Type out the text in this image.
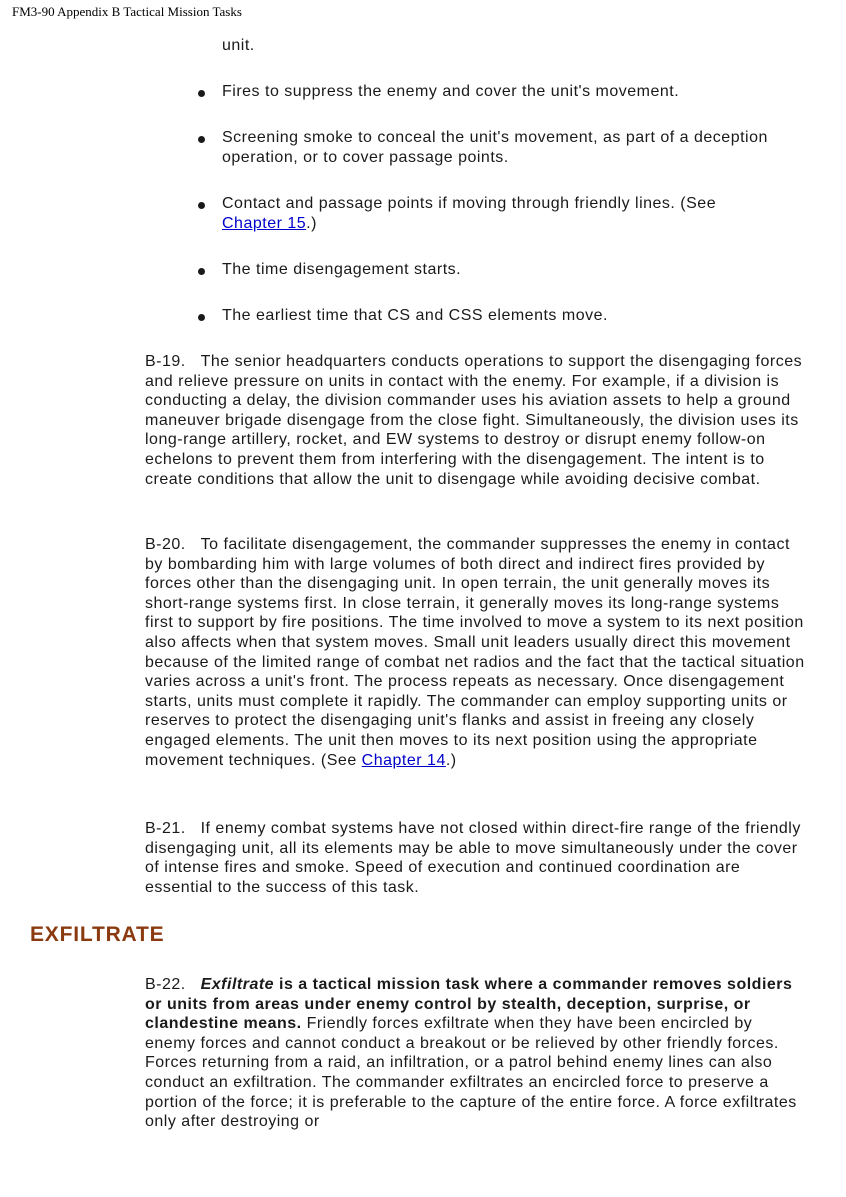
FM3-90 Appendix B Tactical Mission Tasks
unit.
Fires to suppress the enemy and cover the unit's movement.
Screening smoke to conceal the unit's movement, as part of a deception operation, or to cover passage points.
Contact and passage points if moving through friendly lines. (See Chapter 15.)
The time disengagement starts.
The earliest time that CS and CSS elements move.

B-19. The senior headquarters conducts operations to support the disengaging forces and relieve pressure on units in contact with the enemy. For example, if a division is conducting a delay, the division commander uses his aviation assets to help a ground maneuver brigade disengage from the close fight. Simultaneously, the division uses its long-range artillery, rocket, and EW systems to destroy or disrupt enemy follow-on echelons to prevent them from interfering with the disengagement. The intent is to create conditions that allow the unit to disengage while avoiding decisive combat.

B-20. To facilitate disengagement, the commander suppresses the enemy in contact by bombarding him with large volumes of both direct and indirect fires provided by forces other than the disengaging unit. In open terrain, the unit generally moves its short-range systems first. In close terrain, it generally moves its long-range systems first to support by fire positions. The time involved to move a system to its next position also affects when that system moves. Small unit leaders usually direct this movement because of the limited range of combat net radios and the fact that the tactical situation varies across a unit's front. The process repeats as necessary. Once disengagement starts, units must complete it rapidly. The commander can employ supporting units or reserves to protect the disengaging unit's flanks and assist in freeing any closely engaged elements. The unit then moves to its next position using the appropriate movement techniques. (See Chapter 14.)

B-21. If enemy combat systems have not closed within direct-fire range of the friendly disengaging unit, all its elements may be able to move simultaneously under the cover of intense fires and smoke. Speed of execution and continued coordination are essential to the success of this task.

EXFILTRATE

B-22. Exfiltrate is a tactical mission task where a commander removes soldiers or units from areas under enemy control by stealth, deception, surprise, or clandestine means. Friendly forces exfiltrate when they have been encircled by enemy forces and cannot conduct a breakout or be relieved by other friendly forces. Forces returning from a raid, an infiltration, or a patrol behind enemy lines can also conduct an exfiltration. The commander exfiltrates an encircled force to preserve a portion of the force; it is preferable to the capture of the entire force. A force exfiltrates only after destroying or
